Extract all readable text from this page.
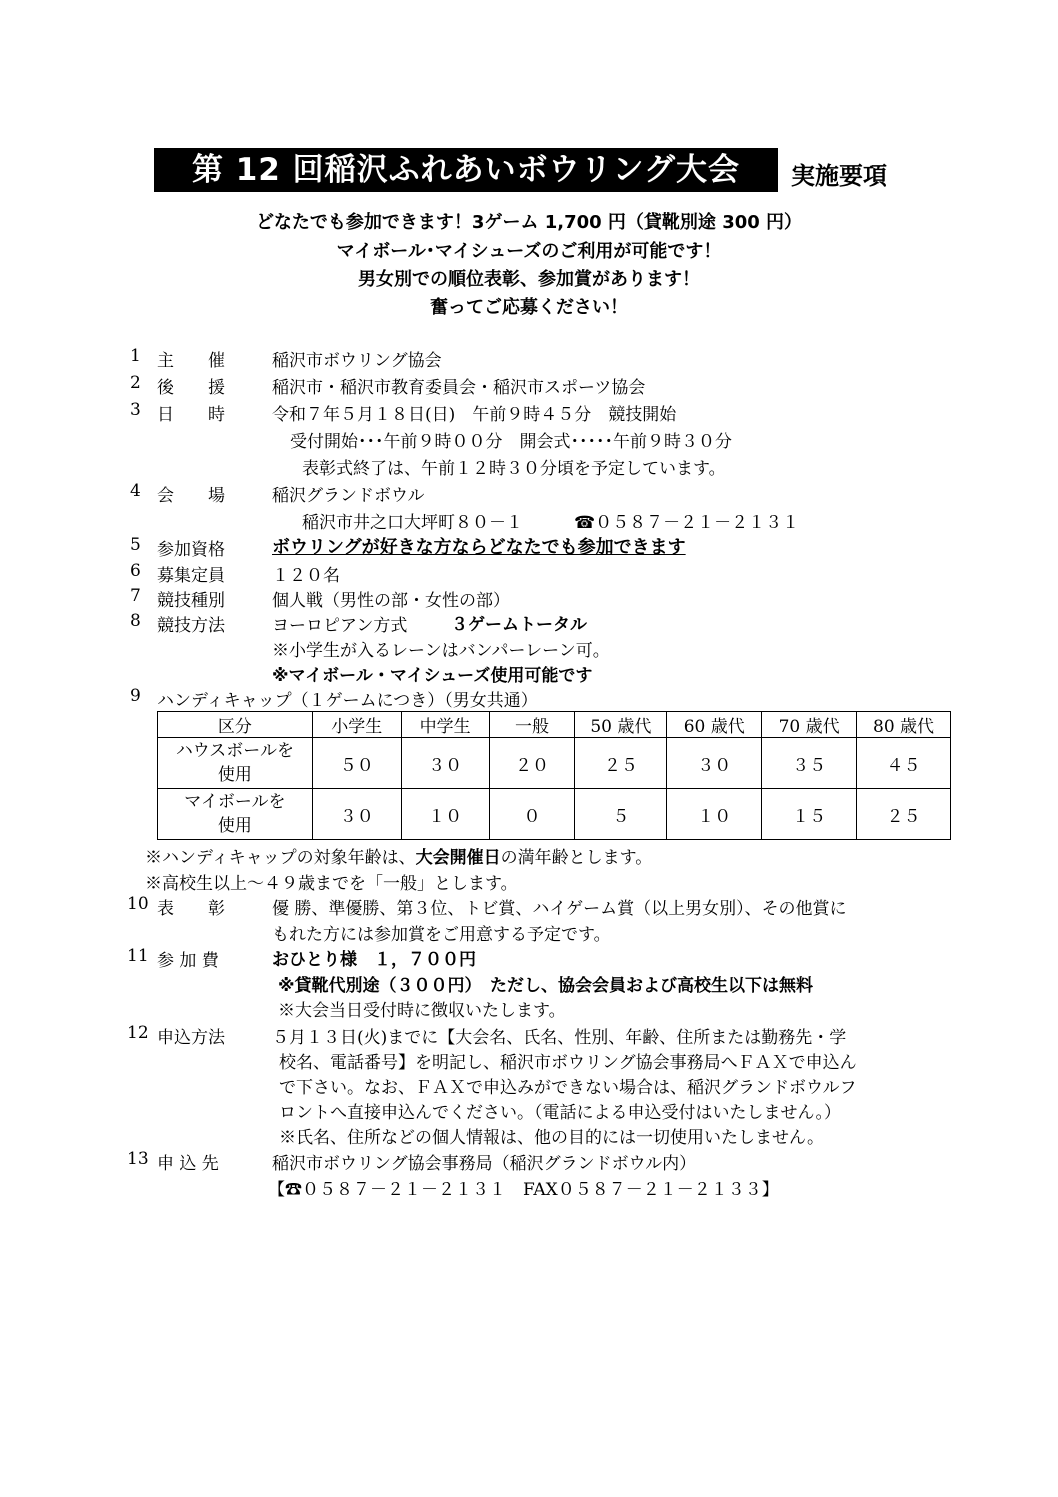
第 12 回稲沢ふれあいボウリング大会	実施要項
どなたでも参加できます！3ゲーム 1,700 円（貸靴別途 300 円）
マイボール･マイシューズのご利用が可能です！
男女別での順位表彰、参加賞があります！
奮ってご応募ください！
1 主　　催	稲沢市ボウリング協会
2 後　　援	稲沢市・稲沢市教育委員会・稲沢市スポーツ協会
3 日　　時	令和７年５月１８日(日)　午前９時４５分　競技開始
受付開始･･･午前９時００分　開会式･････午前９時３０分
表彰式終了は、午前１２時３０分頃を予定しています。
4 会　　場	稲沢グランドボウル
稲沢市井之口大坪町８０－１	☎０５８７－２１－２１３１
5 参加資格	ボウリングが好きな方ならどなたでも参加できます
6 募集定員	１２０名
7 競技種別	個人戦（男性の部・女性の部）
8 競技方法	ヨーロピアン方式	３ゲームトータル
※小学生が入るレーンはバンパーレーン可。
※マイボール・マイシューズ使用可能です
9 ハンディキャップ（１ゲームにつき）（男女共通）
区分	小学生	中学生	一般	50 歳代	60 歳代	70 歳代	80 歳代

ハウスボールを
使用	５０	３０	２０	２５	３０	３５	４５

マイボールを
使用	３０	１０	０	５	１０	１５	２５
※ハンディキャップの対象年齢は、大会開催日の満年齢とします。
※高校生以上～４９歳までを「一般」とします。
10 表　　彰	優 勝、準優勝、第３位、トビ賞、ハイゲーム賞（以上男女別）、その他賞に
もれた方には参加賞をご用意する予定です。
11 参 加 費	おひとり様　１，７００円
※貸靴代別途（３００円）　ただし、協会会員および高校生以下は無料
※大会当日受付時に徴収いたします。
12 申込方法	５月１３日(火)までに【大会名、氏名、性別、年齢、住所または勤務先・学
校名、電話番号】を明記し、稲沢市ボウリング協会事務局へＦＡＸで申込ん
で下さい。なお、ＦＡＸで申込みができない場合は、稲沢グランドボウルフ
ロントへ直接申込んでください。（電話による申込受付はいたしません。）
※氏名、住所などの個人情報は、他の目的には一切使用いたしません。
13 申 込 先	稲沢市ボウリング協会事務局（稲沢グランドボウル内）
【☎０５８７－２１－２１３１　FAX０５８７－２１－２１３３】
